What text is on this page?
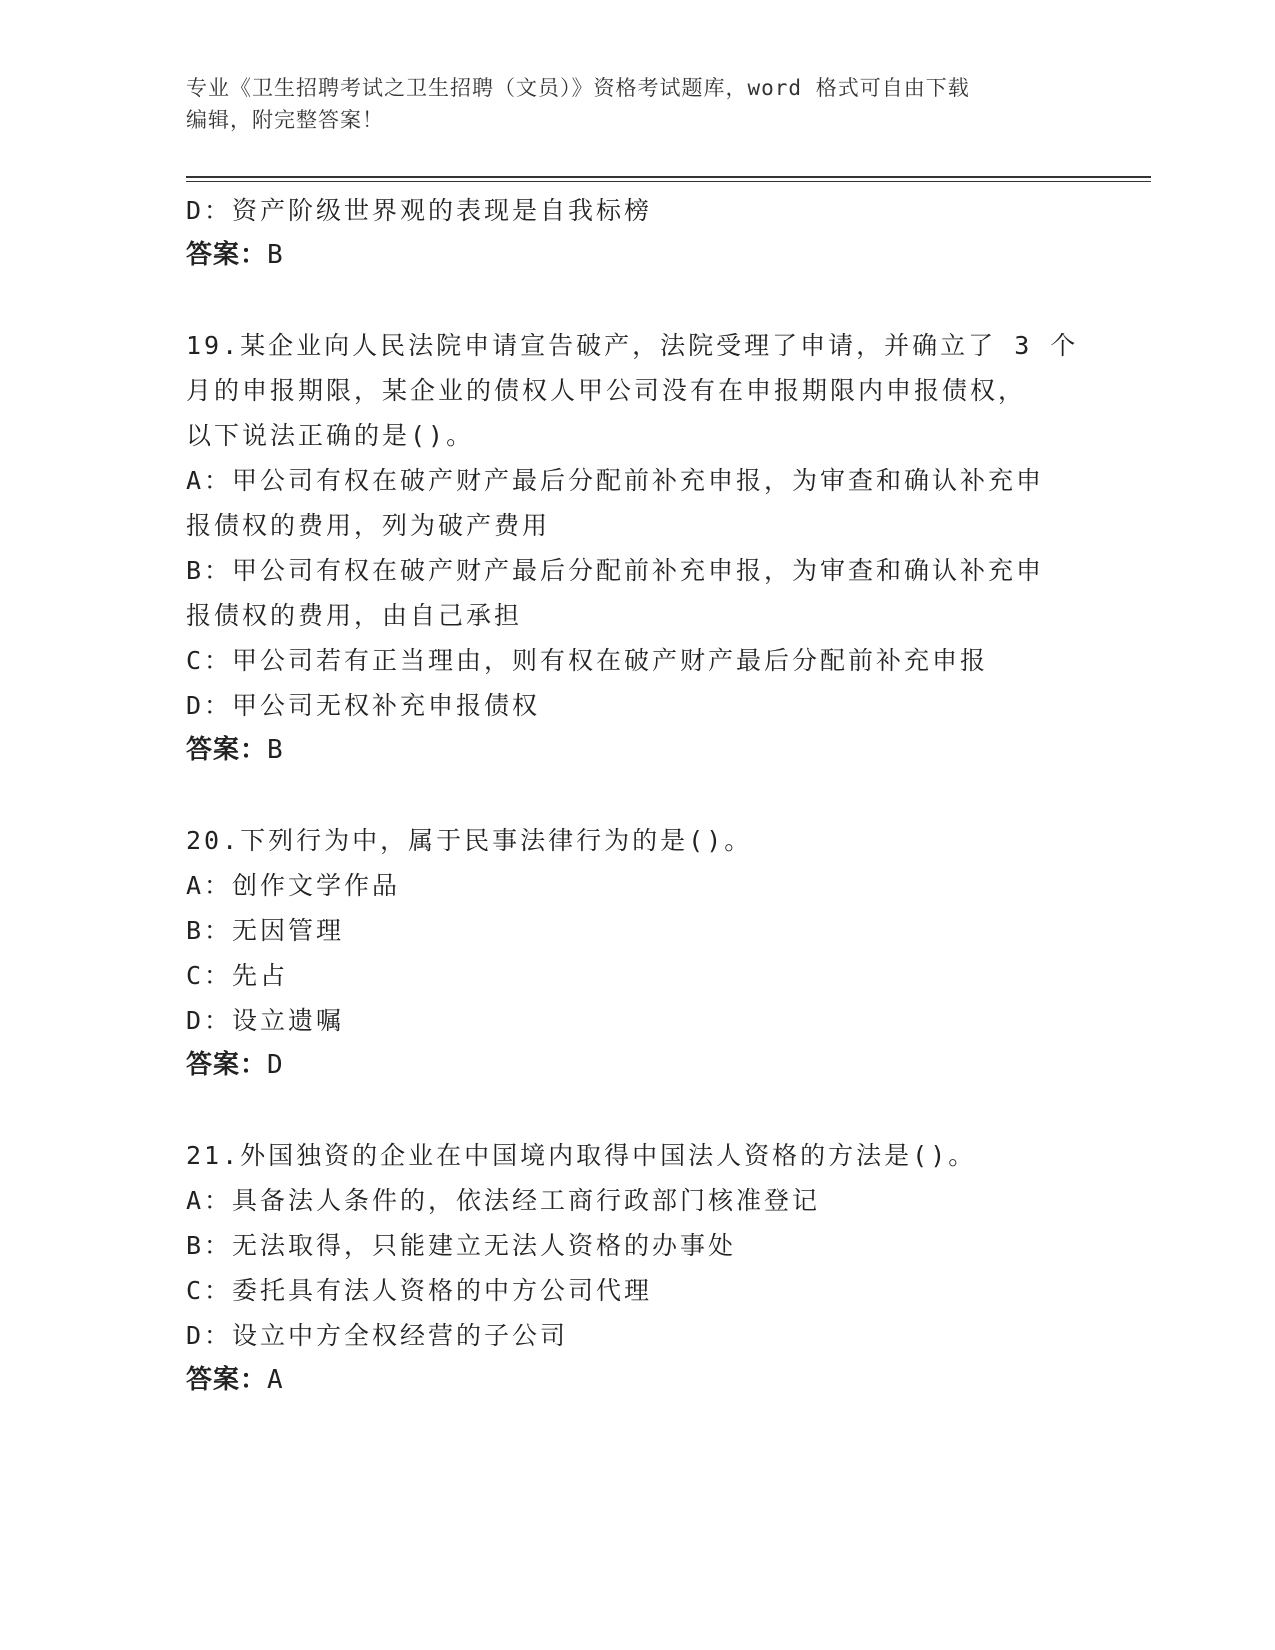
专业《卫生招聘考试之卫生招聘（文员）》资格考试题库，word 格式可自由下载
编辑，附完整答案！
D：资产阶级世界观的表现是自我标榜
答案：B
19.某企业向人民法院申请宣告破产，法院受理了申请，并确立了 3 个
月的申报期限，某企业的债权人甲公司没有在申报期限内申报债权，
以下说法正确的是()。
A：甲公司有权在破产财产最后分配前补充申报，为审查和确认补充申
报债权的费用，列为破产费用
B：甲公司有权在破产财产最后分配前补充申报，为审查和确认补充申
报债权的费用，由自己承担
C：甲公司若有正当理由，则有权在破产财产最后分配前补充申报
D：甲公司无权补充申报债权
答案：B
20.下列行为中，属于民事法律行为的是()。
A：创作文学作品
B：无因管理
C：先占
D：设立遗嘱
答案：D
21.外国独资的企业在中国境内取得中国法人资格的方法是()。
A：具备法人条件的，依法经工商行政部门核准登记
B：无法取得，只能建立无法人资格的办事处
C：委托具有法人资格的中方公司代理
D：设立中方全权经营的子公司
答案：A
